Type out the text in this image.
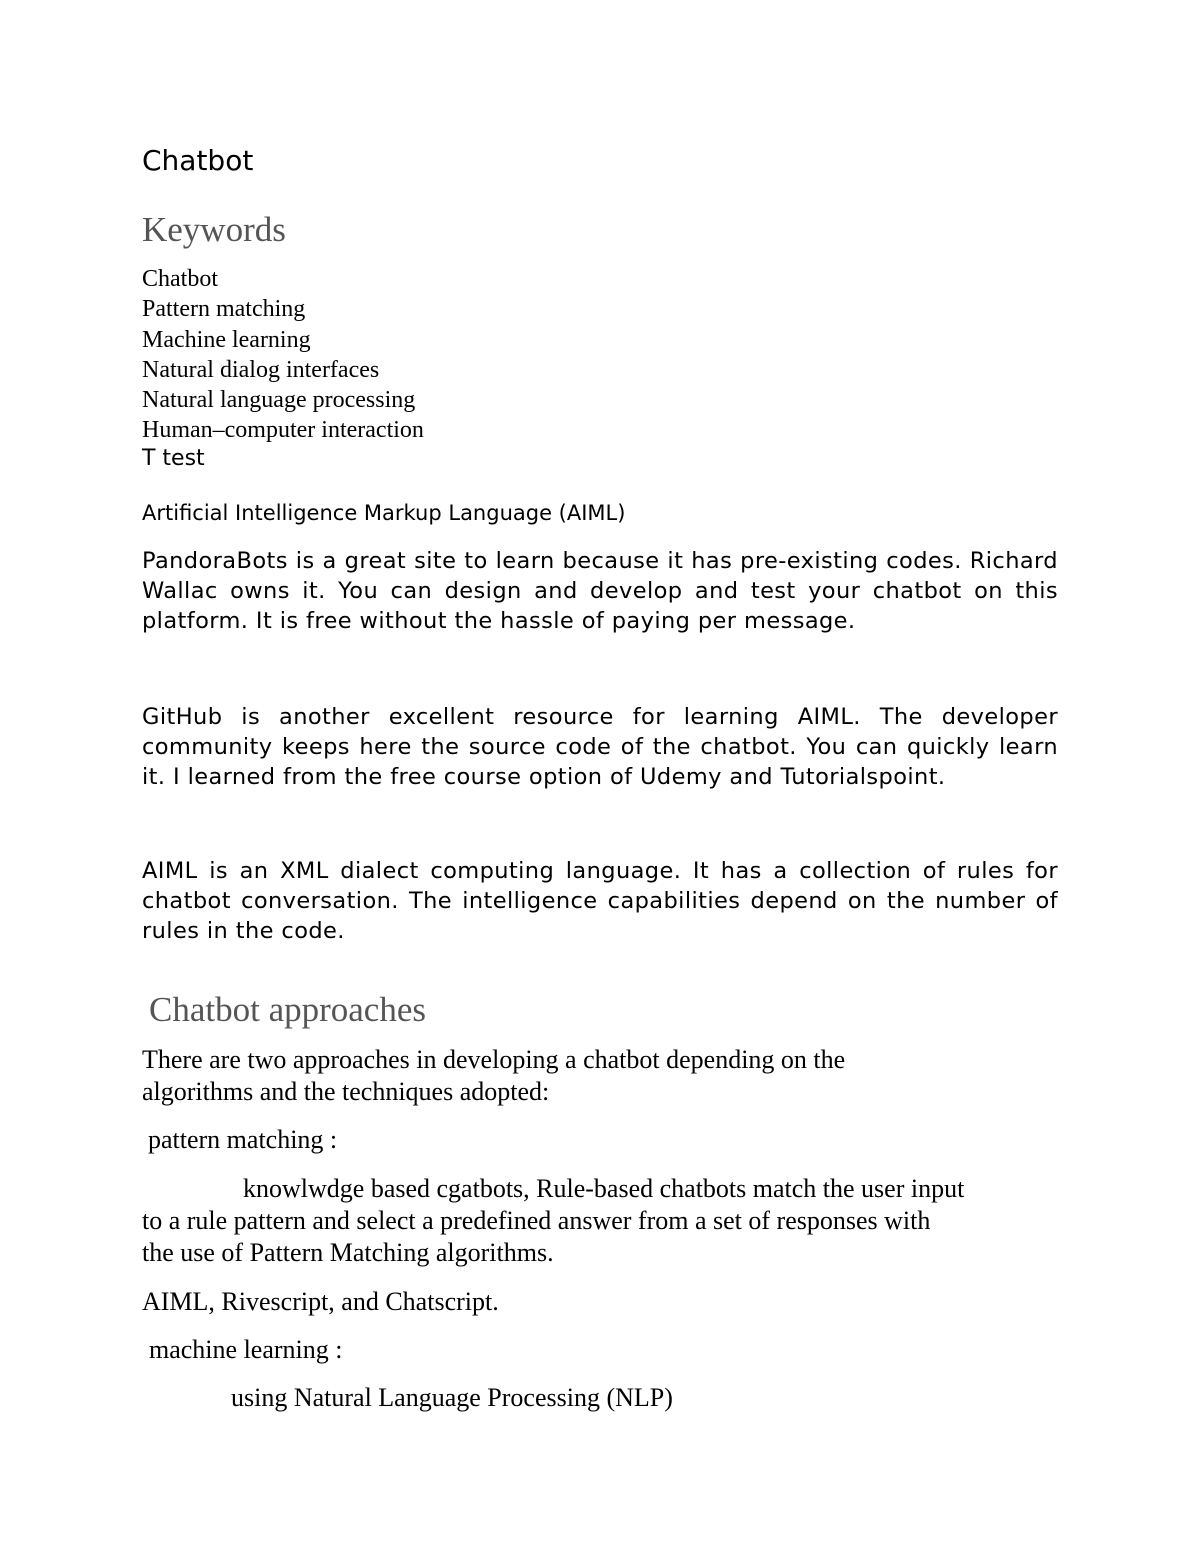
Chatbot
Keywords
Chatbot
Pattern matching
Machine learning
Natural dialog interfaces
Natural language processing
Human–computer interaction

T test

Artificial Intelligence Markup Language (AIML)

PandoraBots is a great site to learn because it has pre-existing codes. Richard Wallac owns it. You can design and develop and test your chatbot on this platform. It is free without the hassle of paying per message.

GitHub is another excellent resource for learning AIML. The developer community keeps here the source code of the chatbot. You can quickly learn it. I learned from the free course option of Udemy and Tutorialspoint.

AIML is an XML dialect computing language. It has a collection of rules for chatbot conversation. The intelligence capabilities depend on the number of rules in the code.

Chatbot approaches
There are two approaches in developing a chatbot depending on the
algorithms and the techniques adopted:

pattern matching :

knowlwdge based cgatbots, Rule-based chatbots match the user input
to a rule pattern and select a predefined answer from a set of responses with
the use of Pattern Matching algorithms.

AIML, Rivescript, and Chatscript.

machine learning :

using Natural Language Processing (NLP)
